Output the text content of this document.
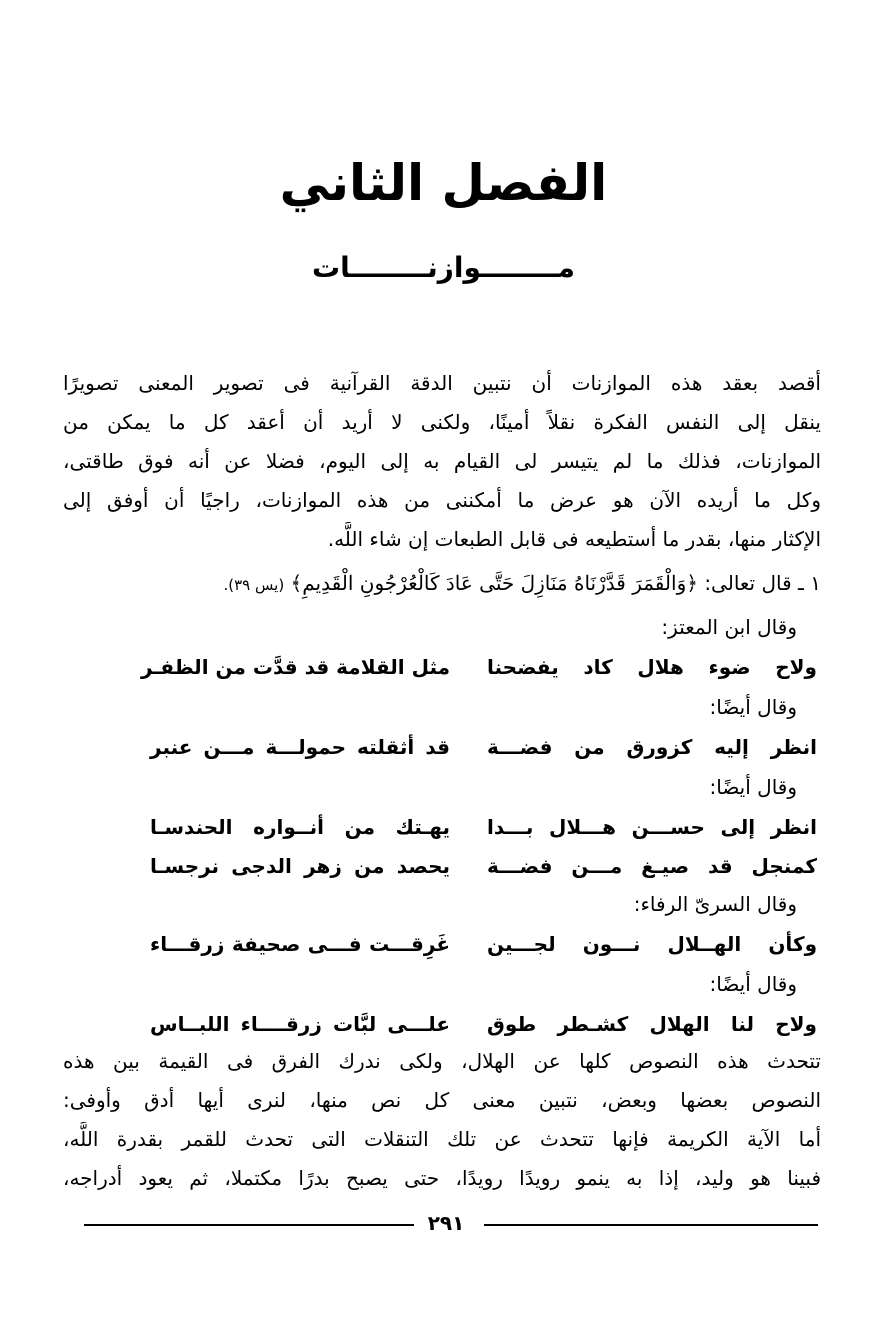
الفصل الثاني
مــــــــوازنــــــــات
أقصد بعقد هذه الموازنات أن نتبين الدقة القرآنية فى تصوير المعنى تصويرًا
ينقل إلى النفس الفكرة نقلاً أمينًا، ولكنى لا أريد أن أعقد كل ما يمكن من
الموازنات، فذلك ما لم يتيسر لى القيام به إلى اليوم، فضلا عن أنه فوق طاقتى،
وكل ما أريده الآن هو عرض ما أمكننى من هذه الموازنات، راجيًا أن أوفق إلى
الإكثار منها، بقدر ما أستطيعه فى قابل الطبعات إن شاء اللَّه.
١ ـ قال تعالى: ﴿وَالْقَمَرَ قَدَّرْنَاهُ مَنَازِلَ حَتَّى عَادَ كَالْعُرْجُونِ الْقَدِيمِ﴾ (يس ٣٩).
وقال ابن المعتز:
ولاح ضوء هلال كاد يفضحنا
مثل القلامة قد قدَّت من الظفـر
وقال أيضًا:
انظر إليه كزورق من فضـــة
قد أثقلته حمولـــة مـــن عنبر
وقال أيضًا:
انظر إلى حســـن هـــلال بـــدا
يهـتك من أنــواره الحندسـا
كمنجل قد صيـغ مـــن فضـــة
يحصد من زهر الدجى نرجسـا
وقال السرىّ الرفاء:
وكأن الهــلال نـــون لجـــين
غَرِقـــت فـــى صحيفة زرقـــاء
وقال أيضًا:
ولاح لنا الهلال كشـطر طوق
علـــى لبَّات زرقــــاء اللبــاس
تتحدث هذه النصوص كلها عن الهلال، ولكى ندرك الفرق فى القيمة بين هذه
النصوص بعضها وبعض، نتبين معنى كل نص منها، لنرى أيها أدق وأوفى:
أما الآية الكريمة فإنها تتحدث عن تلك التنقلات التى تحدث للقمر بقدرة اللَّه،
فبينا هو وليد، إذا به ينمو رويدًا رويدًا، حتى يصبح بدرًا مكتملا، ثم يعود أدراجه،
٢٩١
